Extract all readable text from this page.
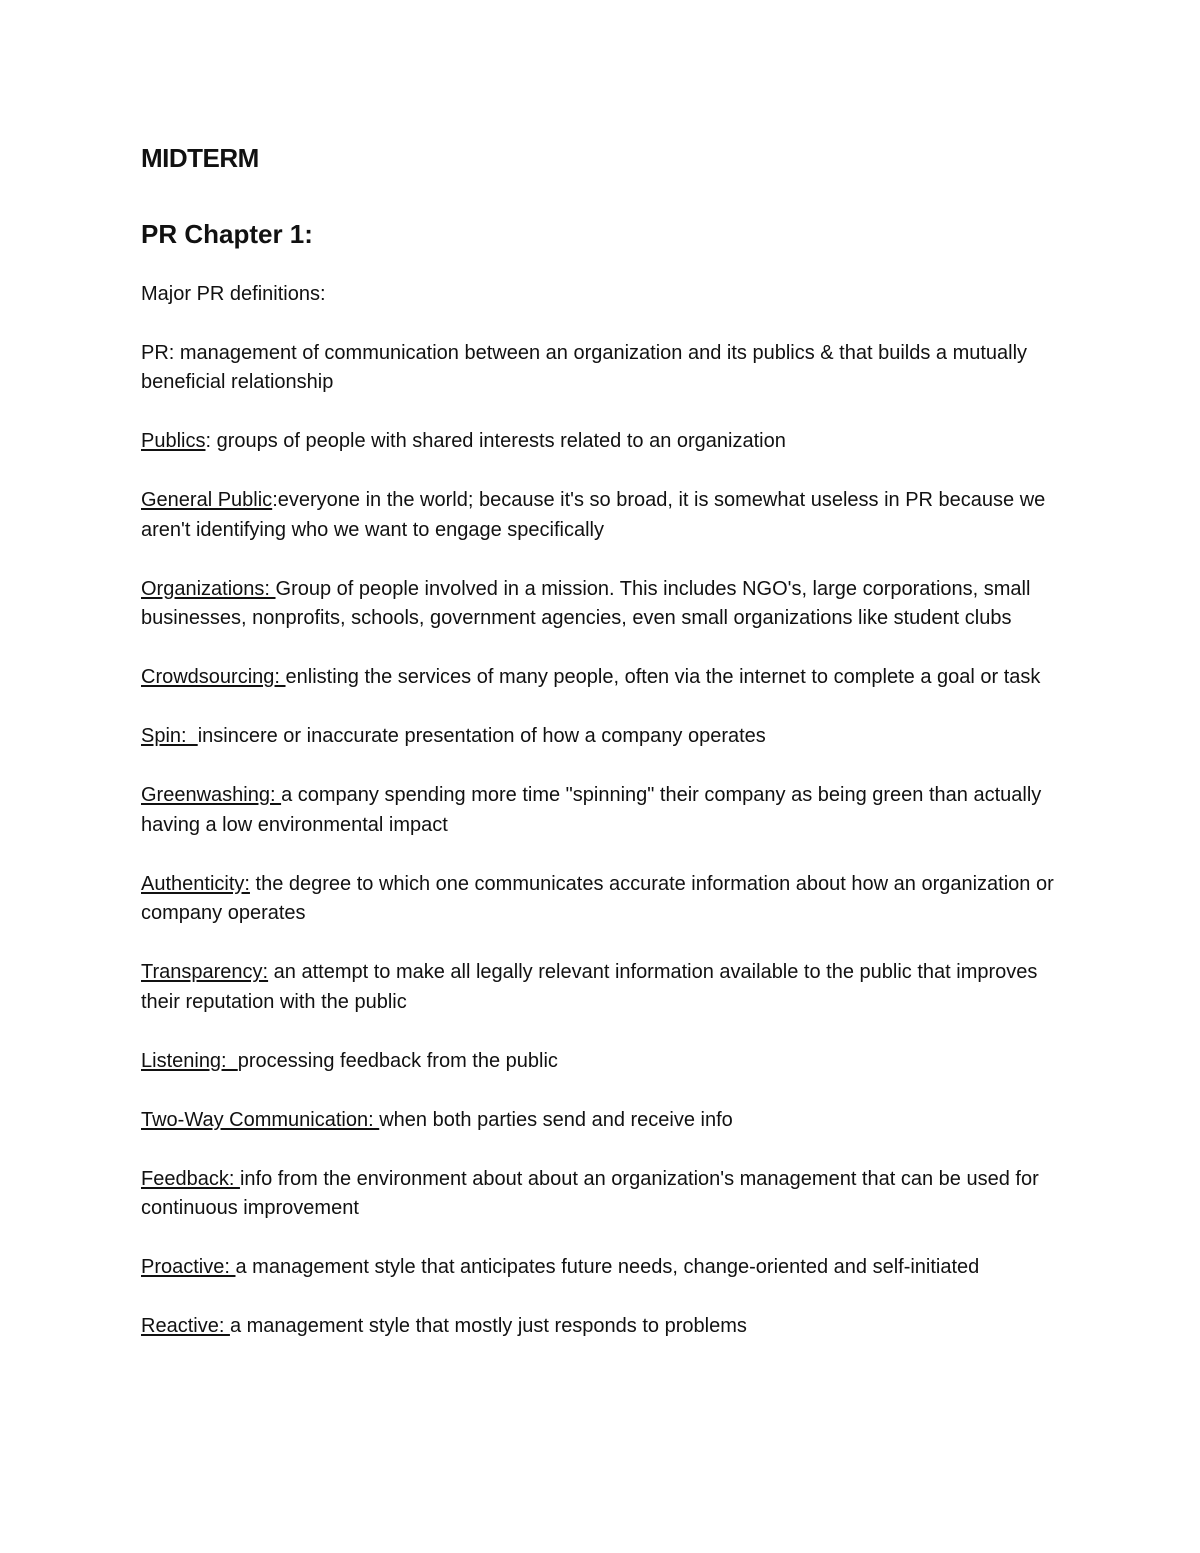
MIDTERM
PR Chapter 1:

Major PR definitions:

PR: management of communication between an organization and its publics & that builds a mutually beneficial relationship

Publics: groups of people with shared interests related to an organization

General Public:everyone in the world; because it's so broad, it is somewhat useless in PR because we aren't identifying who we want to engage specifically

Organizations: Group of people involved in a mission. This includes NGO's, large corporations, small businesses, nonprofits, schools, government agencies, even small organizations like student clubs

Crowdsourcing: enlisting the services of many people, often via the internet to complete a goal or task

Spin:  insincere or inaccurate presentation of how a company operates

Greenwashing: a company spending more time "spinning" their company as being green than actually having a low environmental impact

Authenticity: the degree to which one communicates accurate information about how an organization or company operates

Transparency: an attempt to make all legally relevant information available to the public that improves their reputation with the public

Listening:  processing feedback from the public

Two-Way Communication: when both parties send and receive info

Feedback: info from the environment about about an organization's management that can be used for continuous improvement

Proactive: a management style that anticipates future needs, change-oriented and self-initiated

Reactive: a management style that mostly just responds to problems
